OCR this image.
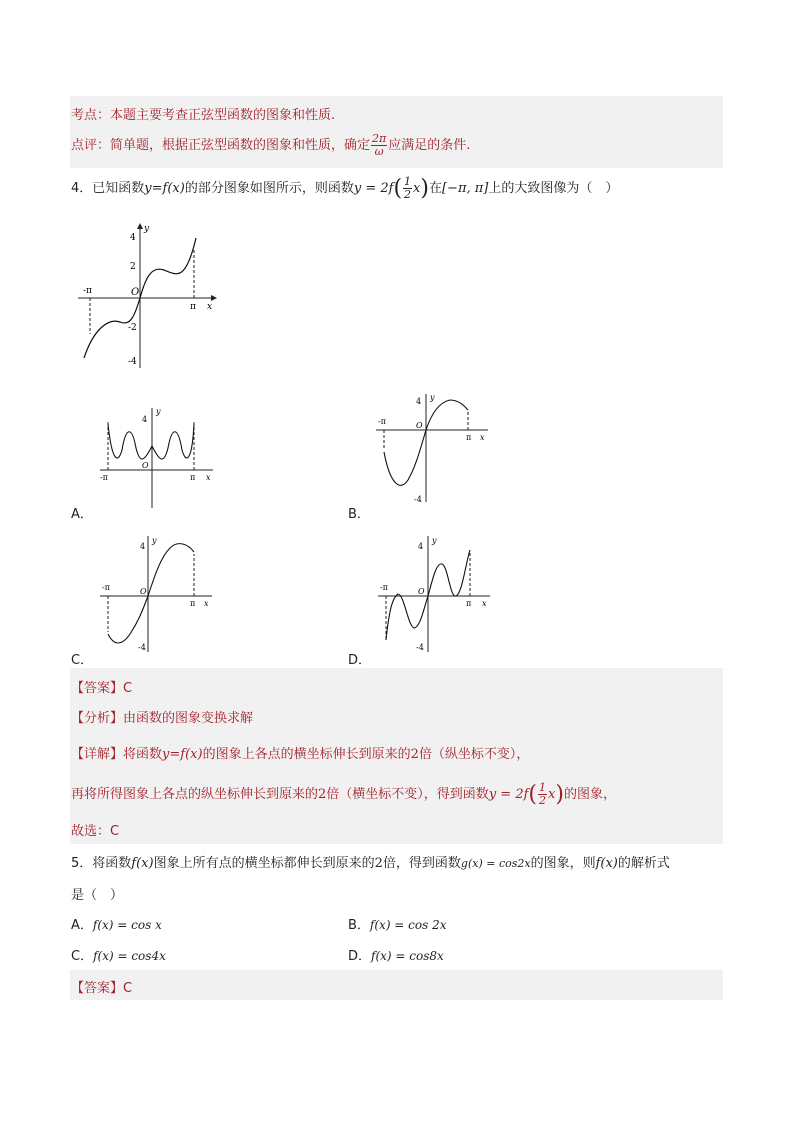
考点：本题主要考查正弦型函数的图象和性质.
点评：简单题，根据正弦型函数的图象和性质，确定 $\frac{2\pi}{\omega}$ 应满足的条件.
4．已知函数y=f(x)的部分图象如图所示，则函数$y = 2f( \frac{1}{2} x)$在[−π, π]上的大致图像为（　）
4
2
-2
-4
-π
π
O
x
y
4
-π	π
O
x
y
A．
4
-4
-π
π
O
x
y
B．
4
-4
-π
π
O
x
y
C．
4
-4
-π
π
O
x
y
D．
【答案】C
【分析】由函数的图象变换求解
【详解】将函数y=f(x)的图象上各点的横坐标伸长到原来的2倍（纵坐标不变），
再将所得图象上各点的纵坐标伸长到原来的2倍（横坐标不变），得到函数$y = 2f( \frac{1}{2} x)$的图象，
故选：C
5．将函数f(x)图象上所有点的横坐标都伸长到原来的2倍，得到函数g(x) = cos2x的图象，则f(x)的解析式
是（　）
A．f(x) = cos x	B．f(x) = cos 2x
C．f(x) = cos4x	D．f(x) = cos8x
【答案】C
